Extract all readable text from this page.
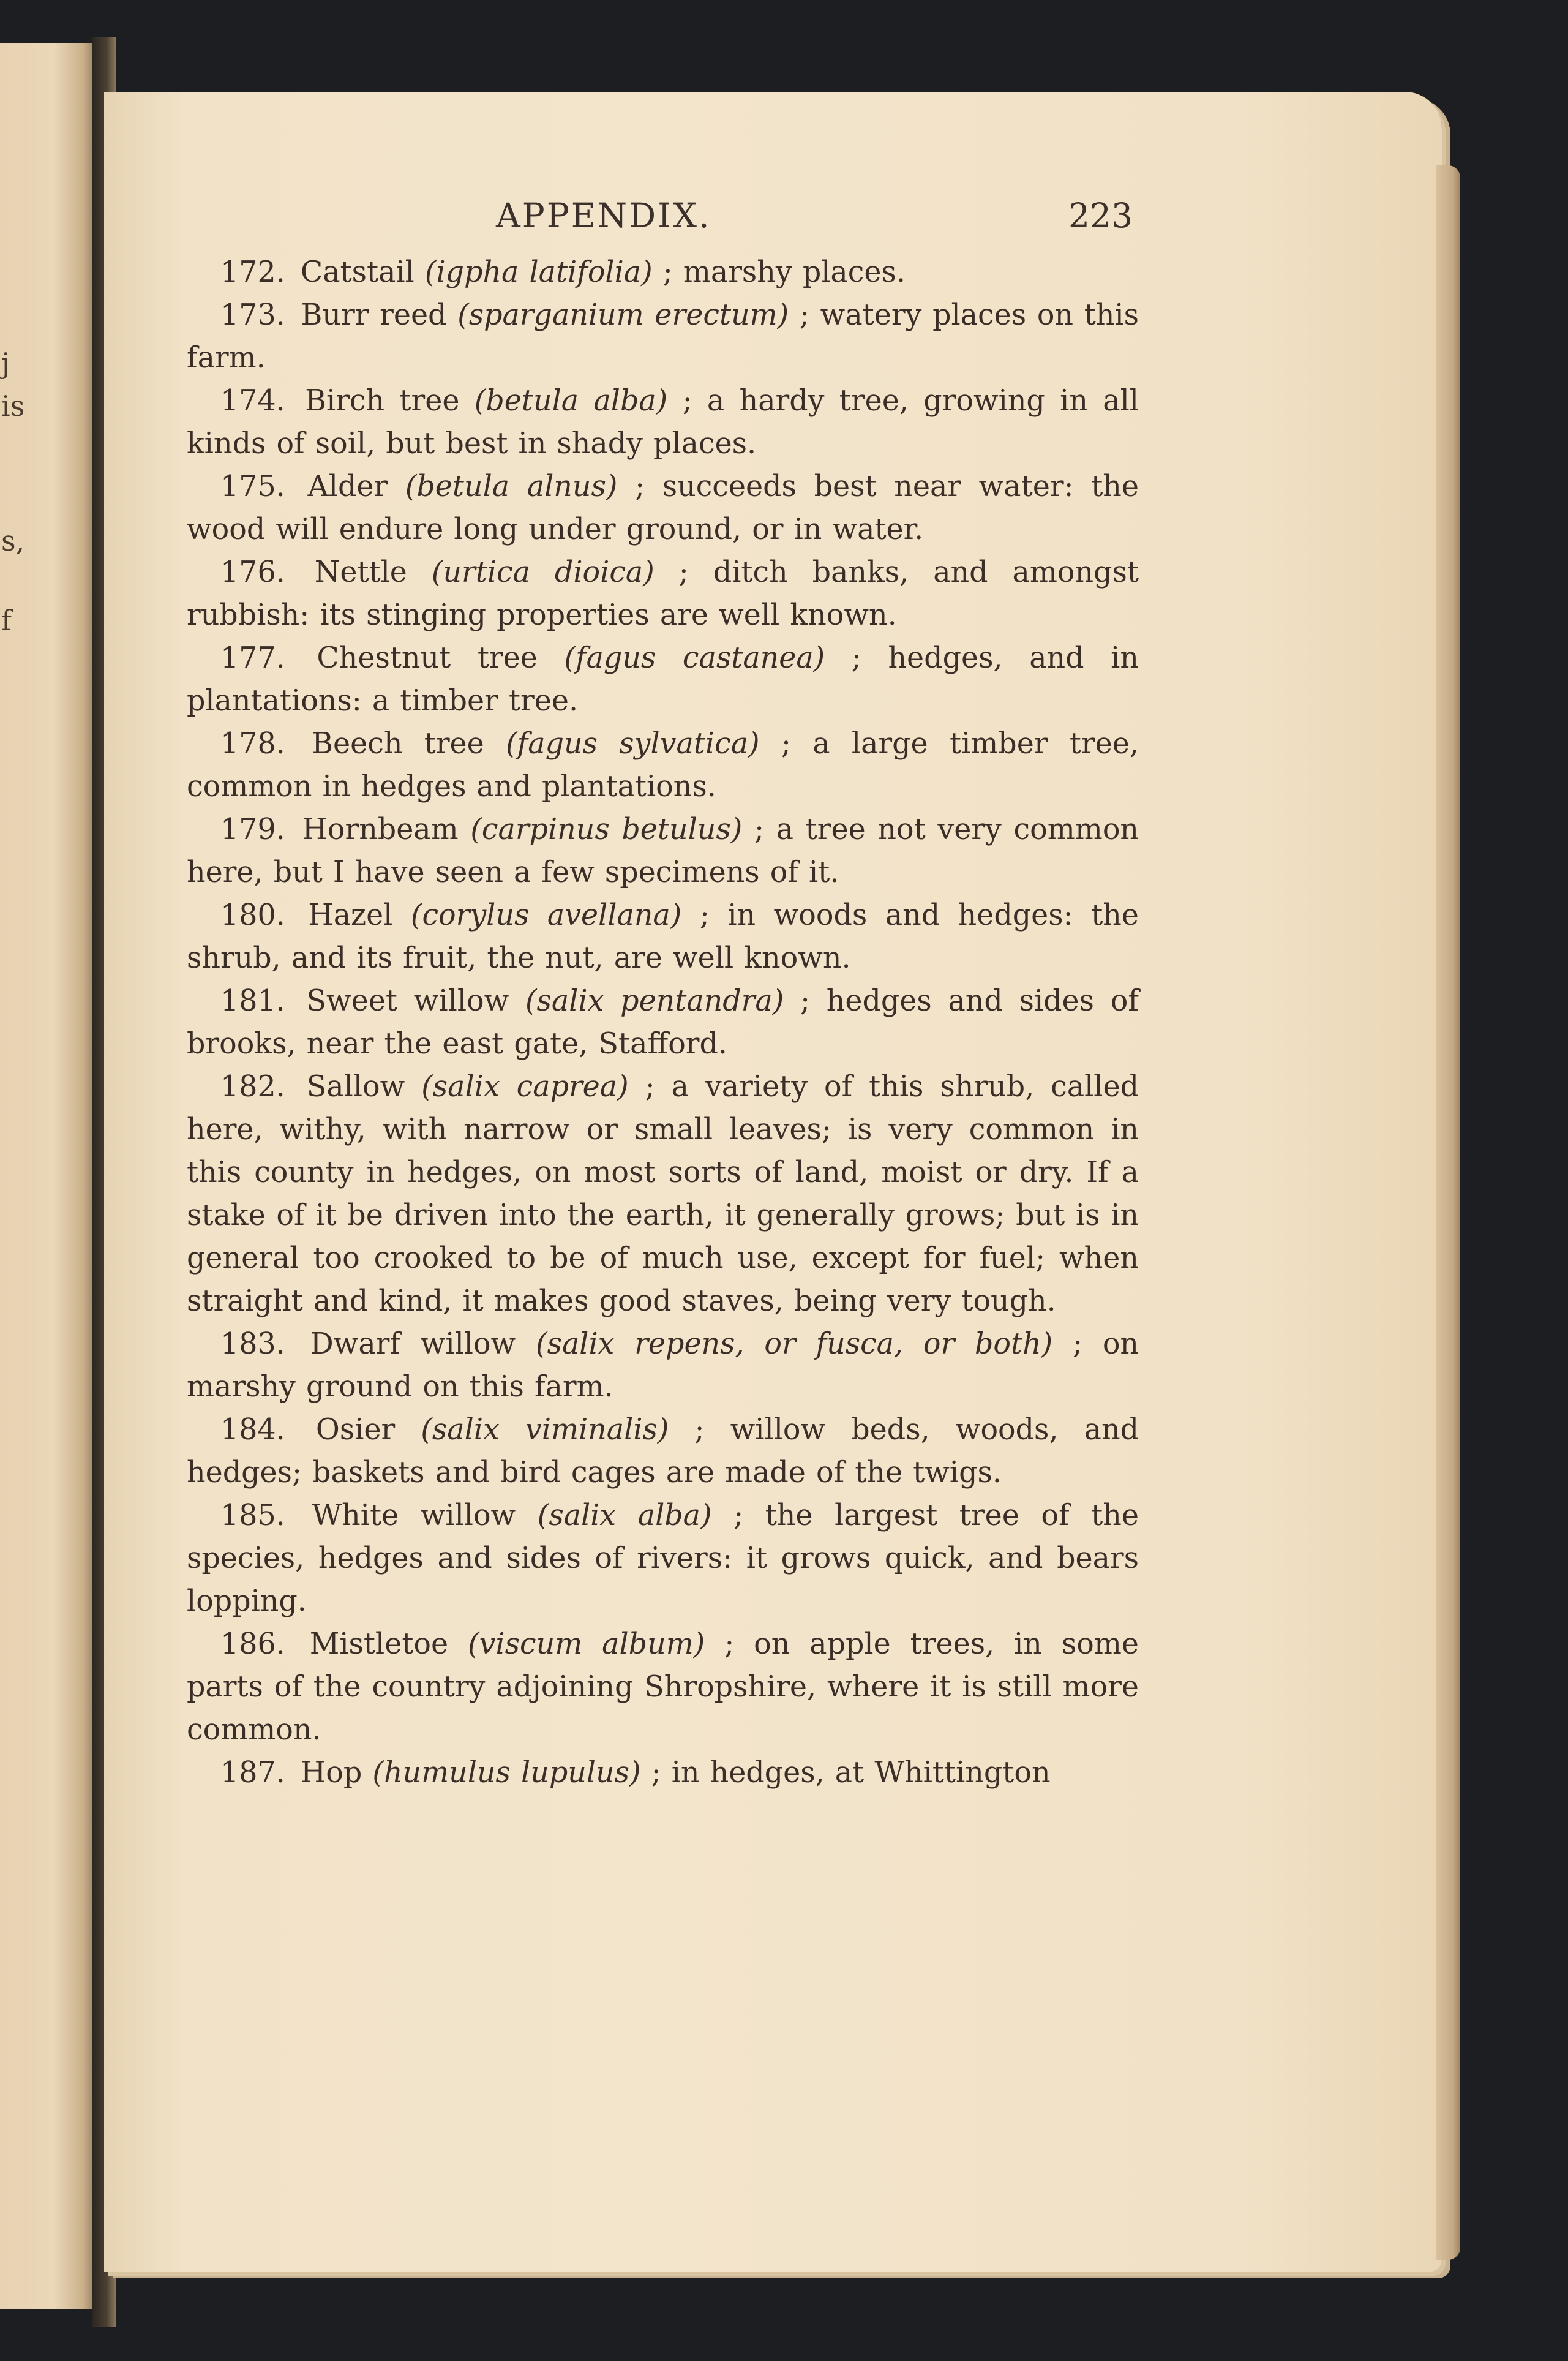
j
is
s,
f
APPENDIX.	223

172. Catstail (igpha latifolia) ; marshy places.

173. Burr reed (sparganium erectum) ; watery places on this farm.

174. Birch tree (betula alba) ; a hardy tree, growing in all kinds of soil, but best in shady places.

175. Alder (betula alnus) ; succeeds best near water: the wood will endure long under ground, or in water.

176. Nettle (urtica dioica) ; ditch banks, and amongst rubbish: its stinging properties are well known.

177. Chestnut tree (fagus castanea) ; hedges, and in plantations: a timber tree.

178. Beech tree (fagus sylvatica) ; a large timber tree, common in hedges and plantations.

179. Hornbeam (carpinus betulus) ; a tree not very common here, but I have seen a few specimens of it.

180. Hazel (corylus avellana) ; in woods and hedges: the shrub, and its fruit, the nut, are well known.

181. Sweet willow (salix pentandra) ; hedges and sides of brooks, near the east gate, Stafford.

182. Sallow (salix caprea) ; a variety of this shrub, called here, withy, with narrow or small leaves; is very common in this county in hedges, on most sorts of land, moist or dry. If a stake of it be driven into the earth, it generally grows; but is in general too crooked to be of much use, except for fuel; when straight and kind, it makes good staves, being very tough.

183. Dwarf willow (salix repens, or fusca, or both) ; on marshy ground on this farm.

184. Osier (salix viminalis) ; willow beds, woods, and hedges; baskets and bird cages are made of the twigs.

185. White willow (salix alba) ; the largest tree of the species, hedges and sides of rivers: it grows quick, and bears lopping.

186. Mistletoe (viscum album) ; on apple trees, in some parts of the country adjoining Shropshire, where it is still more common.

187. Hop (humulus lupulus) ; in hedges, at Whittington
